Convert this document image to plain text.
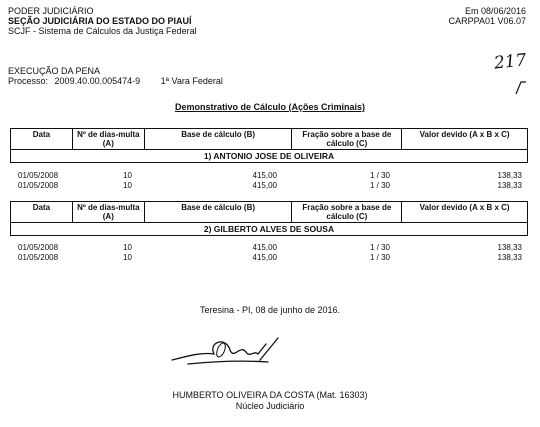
PODER JUDICIÁRIO
SEÇÃO JUDICIÁRIA DO ESTADO DO PIAUÍ
SCJF - Sistema de Cálculos da Justiça Federal
Em 08/06/2016
CARPPA01 V06.07
217
EXECUÇÃO DA PENA
Processo: 2009.40.00.005474-9 1ª Vara Federal
Demonstrativo de Cálculo (Ações Criminais)
Data	Nº de dias-multa (A)	Base de cálculo (B)	Fração sobre a base de cálculo (C)	Valor devido (A x B x C)
1) ANTONIO JOSE DE OLIVEIRA
01/05/2008	10	415,00	1 / 30	138,33
01/05/2008	10	415,00	1 / 30	138,33
Data	Nº de dias-multa (A)	Base de cálculo (B)	Fração sobre a base de cálculo (C)	Valor devido (A x B x C)
2) GILBERTO ALVES DE SOUSA
01/05/2008	10	415,00	1 / 30	138,33
01/05/2008	10	415,00	1 / 30	138,33
Teresina - PI, 08 de junho de 2016.
HUMBERTO OLIVEIRA DA COSTA (Mat. 16303)
Núcleo Judiciário
